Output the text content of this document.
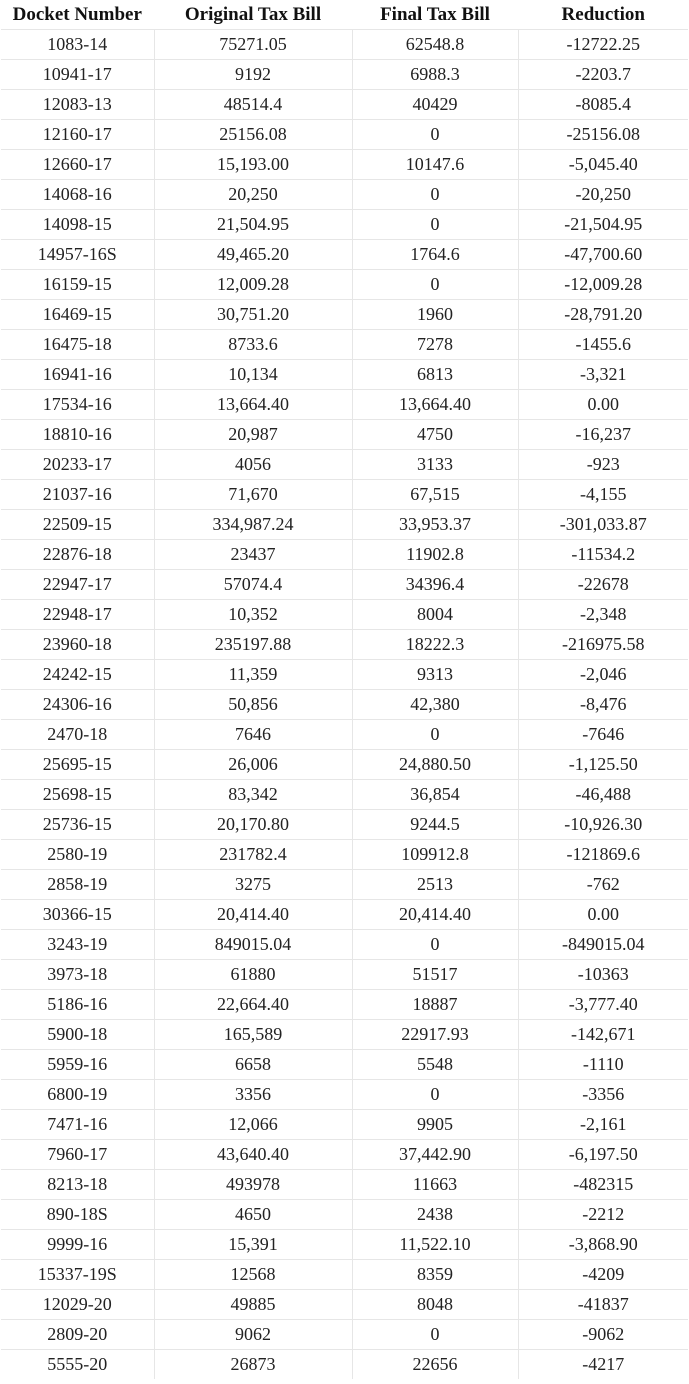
Docket Number	Original Tax Bill	Final Tax Bill	Reduction
1083-14	75271.05	62548.8	-12722.25
10941-17	9192	6988.3	-2203.7
12083-13	48514.4	40429	-8085.4
12160-17	25156.08	0	-25156.08
12660-17	15,193.00	10147.6	-5,045.40
14068-16	20,250	0	-20,250
14098-15	21,504.95	0	-21,504.95
14957-16S	49,465.20	1764.6	-47,700.60
16159-15	12,009.28	0	-12,009.28
16469-15	30,751.20	1960	-28,791.20
16475-18	8733.6	7278	-1455.6
16941-16	10,134	6813	-3,321
17534-16	13,664.40	13,664.40	0.00
18810-16	20,987	4750	-16,237
20233-17	4056	3133	-923
21037-16	71,670	67,515	-4,155
22509-15	334,987.24	33,953.37	-301,033.87
22876-18	23437	11902.8	-11534.2
22947-17	57074.4	34396.4	-22678
22948-17	10,352	8004	-2,348
23960-18	235197.88	18222.3	-216975.58
24242-15	11,359	9313	-2,046
24306-16	50,856	42,380	-8,476
2470-18	7646	0	-7646
25695-15	26,006	24,880.50	-1,125.50
25698-15	83,342	36,854	-46,488
25736-15	20,170.80	9244.5	-10,926.30
2580-19	231782.4	109912.8	-121869.6
2858-19	3275	2513	-762
30366-15	20,414.40	20,414.40	0.00
3243-19	849015.04	0	-849015.04
3973-18	61880	51517	-10363
5186-16	22,664.40	18887	-3,777.40
5900-18	165,589	22917.93	-142,671
5959-16	6658	5548	-1110
6800-19	3356	0	-3356
7471-16	12,066	9905	-2,161
7960-17	43,640.40	37,442.90	-6,197.50
8213-18	493978	11663	-482315
890-18S	4650	2438	-2212
9999-16	15,391	11,522.10	-3,868.90
15337-19S	12568	8359	-4209
12029-20	49885	8048	-41837
2809-20	9062	0	-9062
5555-20	26873	22656	-4217
